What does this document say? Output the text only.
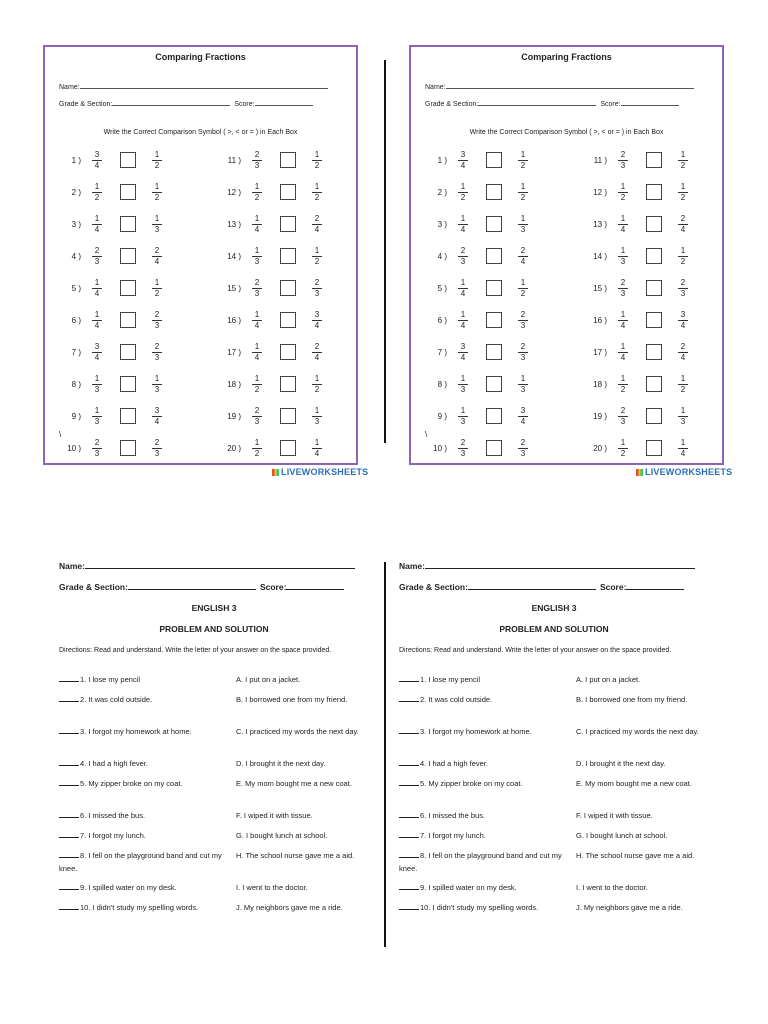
Comparing Fractions
Name:
Grade & Section:	Score:
Write the Correct Comparison Symbol ( >, < or = ) in Each Box
\
1 ) $\frac{3}{4}$	$\frac{1}{2}$
2 ) $\frac{1}{2}$	$\frac{1}{2}$
3 ) $\frac{1}{4}$	$\frac{1}{3}$
4 ) $\frac{2}{3}$	$\frac{2}{4}$
5 ) $\frac{1}{4}$	$\frac{1}{2}$
6 ) $\frac{1}{4}$	$\frac{2}{3}$
7 ) $\frac{3}{4}$	$\frac{2}{3}$
8 ) $\frac{1}{3}$	$\frac{1}{3}$
9 ) $\frac{1}{3}$	$\frac{3}{4}$
10 ) $\frac{2}{3}$	$\frac{2}{3}$
11 ) $\frac{2}{3}$	$\frac{1}{2}$
12 ) $\frac{1}{2}$	$\frac{1}{2}$
13 ) $\frac{1}{4}$	$\frac{2}{4}$
14 ) $\frac{1}{3}$	$\frac{1}{2}$
15 ) $\frac{2}{3}$	$\frac{2}{3}$
16 ) $\frac{1}{4}$	$\frac{3}{4}$
17 ) $\frac{1}{4}$	$\frac{2}{4}$
18 ) $\frac{1}{2}$	$\frac{1}{2}$
19 ) $\frac{2}{3}$	$\frac{1}{3}$
20 ) $\frac{1}{2}$	$\frac{1}{4}$
Comparing Fractions
Name:
Grade & Section:	Score:
Write the Correct Comparison Symbol ( >, < or = ) in Each Box
\
1 ) $\frac{3}{4}$	$\frac{1}{2}$
2 ) $\frac{1}{2}$	$\frac{1}{2}$
3 ) $\frac{1}{4}$	$\frac{1}{3}$
4 ) $\frac{2}{3}$	$\frac{2}{4}$
5 ) $\frac{1}{4}$	$\frac{1}{2}$
6 ) $\frac{1}{4}$	$\frac{2}{3}$
7 ) $\frac{3}{4}$	$\frac{2}{3}$
8 ) $\frac{1}{3}$	$\frac{1}{3}$
9 ) $\frac{1}{3}$	$\frac{3}{4}$
10 ) $\frac{2}{3}$	$\frac{2}{3}$
11 ) $\frac{2}{3}$	$\frac{1}{2}$
12 ) $\frac{1}{2}$	$\frac{1}{2}$
13 ) $\frac{1}{4}$	$\frac{2}{4}$
14 ) $\frac{1}{3}$	$\frac{1}{2}$
15 ) $\frac{2}{3}$	$\frac{2}{3}$
16 ) $\frac{1}{4}$	$\frac{3}{4}$
17 ) $\frac{1}{4}$	$\frac{2}{4}$
18 ) $\frac{1}{2}$	$\frac{1}{2}$
19 ) $\frac{2}{3}$	$\frac{1}{3}$
20 ) $\frac{1}{2}$	$\frac{1}{4}$
LIVEWORKSHEETS	LIVEWORKSHEETS
Name:
Grade & Section:	Score:
ENGLISH 3
PROBLEM AND SOLUTION
Directions: Read and understand. Write the letter of your answer on the space provided.
1. I lose my pencil	A. I put on a jacket.
2. It was cold outside.	B. I borrowed one from my friend.
3. I forgot my homework at home.	C. I practiced my words the next day.
4. I had a high fever.	D. I brought it the next day.
5. My zipper broke on my coat.	E. My mom bought me a new coat.
6. I missed the bus.	F. I wiped it with tissue.
7. I forgot my lunch.	G. I bought lunch at school.
8. I fell on the playground band and cut my knee.
H. The school nurse gave me a aid.
9. I spilled water on my desk.	I. I went to the doctor.
10. I didn't study my spelling words.	J. My neighbors gave me a ride.
Name:
Grade & Section:	Score:
ENGLISH 3
PROBLEM AND SOLUTION
Directions: Read and understand. Write the letter of your answer on the space provided.
1. I lose my pencil	A. I put on a jacket.
2. It was cold outside.	B. I borrowed one from my friend.
3. I forgot my homework at home.	C. I practiced my words the next day.
4. I had a high fever.	D. I brought it the next day.
5. My zipper broke on my coat.	E. My mom bought me a new coat.
6. I missed the bus.	F. I wiped it with tissue.
7. I forgot my lunch.	G. I bought lunch at school.
8. I fell on the playground band and cut my knee.
H. The school nurse gave me a aid.
9. I spilled water on my desk.	I. I went to the doctor.
10. I didn't study my spelling words.	J. My neighbors gave me a ride.
